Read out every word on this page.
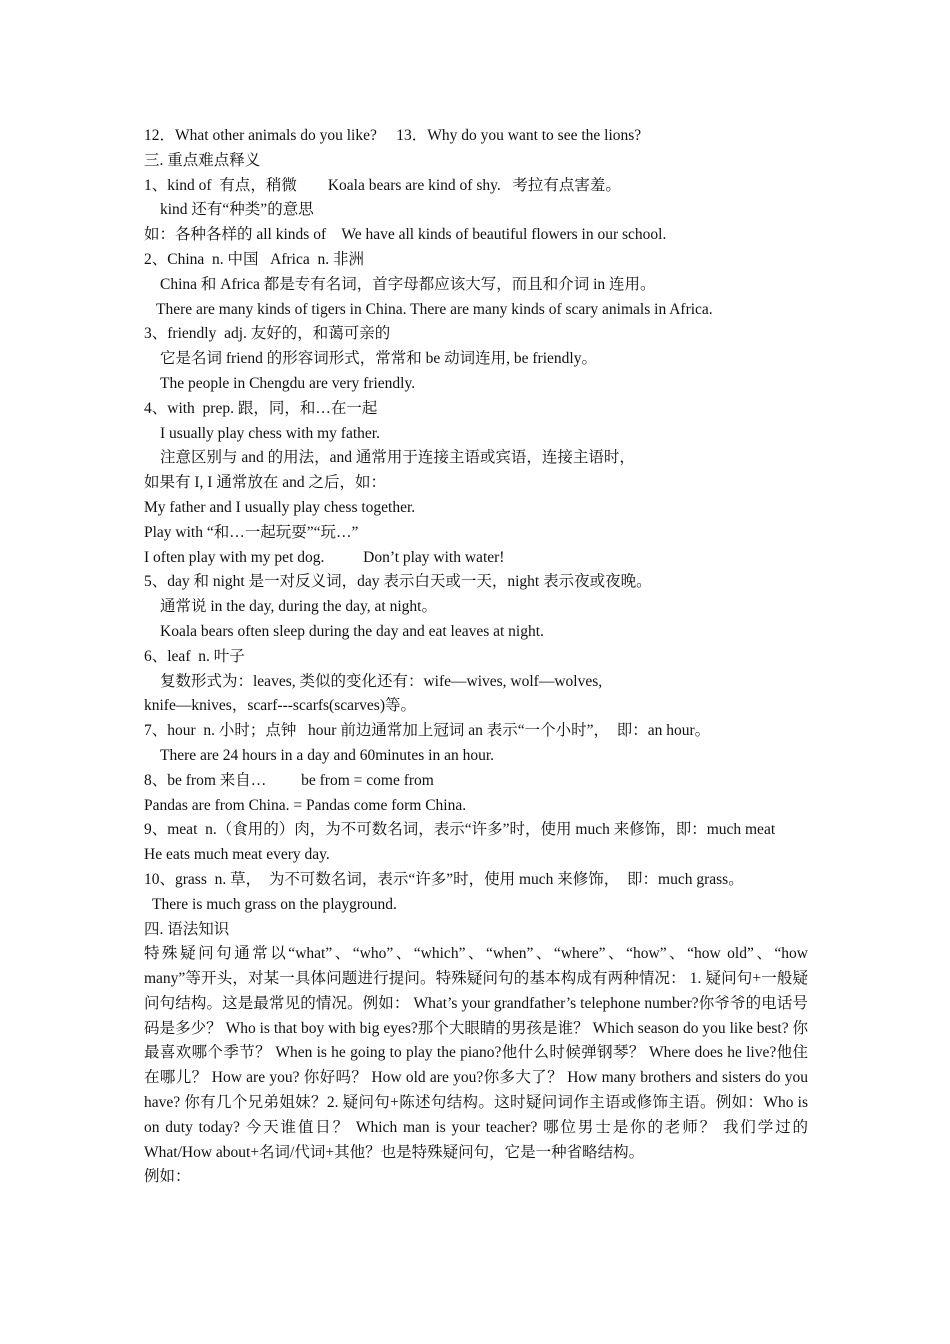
12．What other animals do you like?     13．Why do you want to see the lions?
三. 重点难点释义
1、kind of  有点，稍微        Koala bears are kind of shy.   考拉有点害羞。
kind 还有“种类”的意思
如：各种各样的 all kinds of    We have all kinds of beautiful flowers in our school.
2、China  n. 中国   Africa  n. 非洲
China 和 Africa 都是专有名词，首字母都应该大写，而且和介词 in 连用。
There are many kinds of tigers in China. There are many kinds of scary animals in Africa.
3、friendly  adj. 友好的，和蔼可亲的
它是名词 friend 的形容词形式，常常和 be 动词连用, be friendly。
The people in Chengdu are very friendly.
4、with  prep. 跟，同，和…在一起
I usually play chess with my father.
注意区别与 and 的用法，and 通常用于连接主语或宾语，连接主语时，
如果有 I, I 通常放在 and 之后，如：
My father and I usually play chess together.
Play with “和…一起玩耍”“玩…”
I often play with my pet dog.          Don’t play with water!
5、day 和 night 是一对反义词，day 表示白天或一天，night 表示夜或夜晚。
通常说 in the day, during the day, at night。
Koala bears often sleep during the day and eat leaves at night.
6、leaf  n. 叶子
复数形式为：leaves, 类似的变化还有：wife—wives, wolf—wolves,
knife—knives，scarf---scarfs(scarves)等。
7、hour  n. 小时；点钟   hour 前边通常加上冠词 an 表示“一个小时”，  即：an hour。
There are 24 hours in a day and 60minutes in an hour.
8、be from 来自…         be from = come from
Pandas are from China. = Pandas come form China.
9、meat  n.（食用的）肉，为不可数名词，表示“许多”时，使用 much 来修饰，即：much meat
He eats much meat every day.
10、grass  n. 草，  为不可数名词，表示“许多”时，使用 much 来修饰，  即：much grass。
There is much grass on the playground.
四. 语法知识
特殊疑问句通常以“what”、“who”、“which”、“when”、“where”、“how”、“how old”、“how many”等开头，对某一具体问题进行提问。特殊疑问句的基本构成有两种情况： 1. 疑问句+一般疑问句结构。这是最常见的情况。例如： What’s your grandfather’s telephone number?你爷爷的电话号码是多少？ Who is that boy with big eyes?那个大眼睛的男孩是谁？ Which season do you like best? 你最喜欢哪个季节？ When is he going to play the piano?他什么时候弹钢琴？ Where does he live?他住在哪儿？ How are you? 你好吗？ How old are you?你多大了？ How many brothers and sisters do you have? 你有几个兄弟姐妹？2. 疑问句+陈述句结构。这时疑问词作主语或修饰主语。例如：Who is on duty today? 今天谁值日？ Which man is your teacher? 哪位男士是你的老师？ 我们学过的 What/How about+名词/代词+其他？也是特殊疑问句，它是一种省略结构。
例如：
